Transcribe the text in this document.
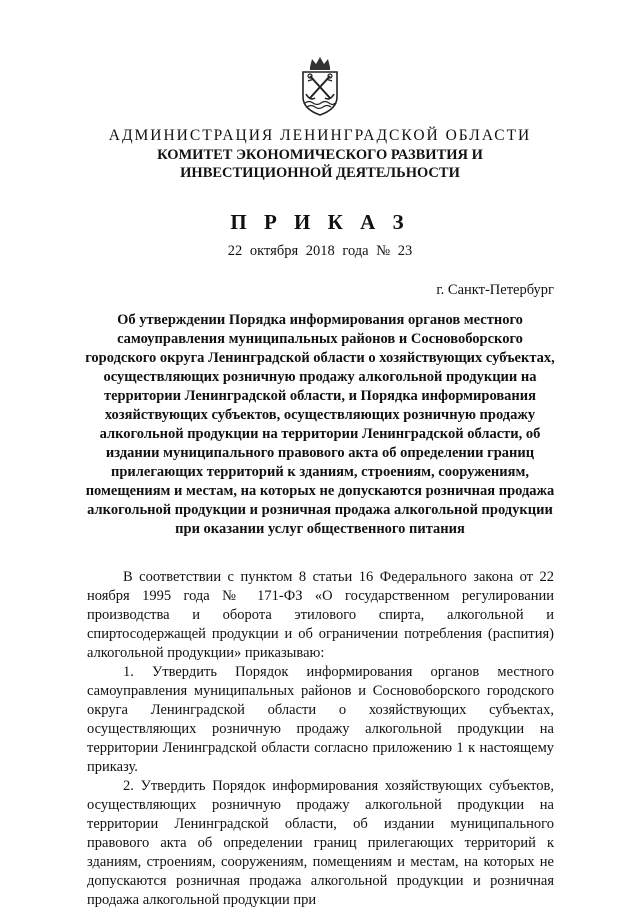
АДМИНИСТРАЦИЯ ЛЕНИНГРАДСКОЙ ОБЛАСТИ

КОМИТЕТ ЭКОНОМИЧЕСКОГО РАЗВИТИЯ И

ИНВЕСТИЦИОННОЙ ДЕЯТЕЛЬНОСТИ

П Р И К А З
22 октября 2018 года № 23
г. Санкт-Петербург

Об утверждении Порядка информирования органов местного самоуправления муниципальных районов и Сосновоборского городского округа Ленинградской области о хозяйствующих субъектах, осуществляющих розничную продажу алкогольной продукции на территории Ленинградской области, и Порядка информирования хозяйствующих субъектов, осуществляющих розничную продажу алкогольной продукции на территории Ленинградской области, об издании муниципального правового акта об определении границ прилегающих территорий к зданиям, строениям, сооружениям, помещениям и местам, на которых не допускаются розничная продажа алкогольной продукции и розничная продажа алкогольной продукции при оказании услуг общественного питания

В соответствии с пунктом 8 статьи 16 Федерального закона от 22 ноября 1995 года № 171-ФЗ «О государственном регулировании производства и оборота этилового спирта, алкогольной и спиртосодержащей продукции и об ограничении потребления (распития) алкогольной продукции» приказываю:

1. Утвердить Порядок информирования органов местного самоуправления муниципальных районов и Сосновоборского городского округа Ленинградской области о хозяйствующих субъектах, осуществляющих розничную продажу алкогольной продукции на территории Ленинградской области согласно приложению 1 к настоящему приказу.

2. Утвердить Порядок информирования хозяйствующих субъектов, осуществляющих розничную продажу алкогольной продукции на территории Ленинградской области, об издании муниципального правового акта об определении границ прилегающих территорий к зданиям, строениям, сооружениям, помещениям и местам, на которых не допускаются розничная продажа алкогольной продукции и розничная продажа алкогольной продукции при
